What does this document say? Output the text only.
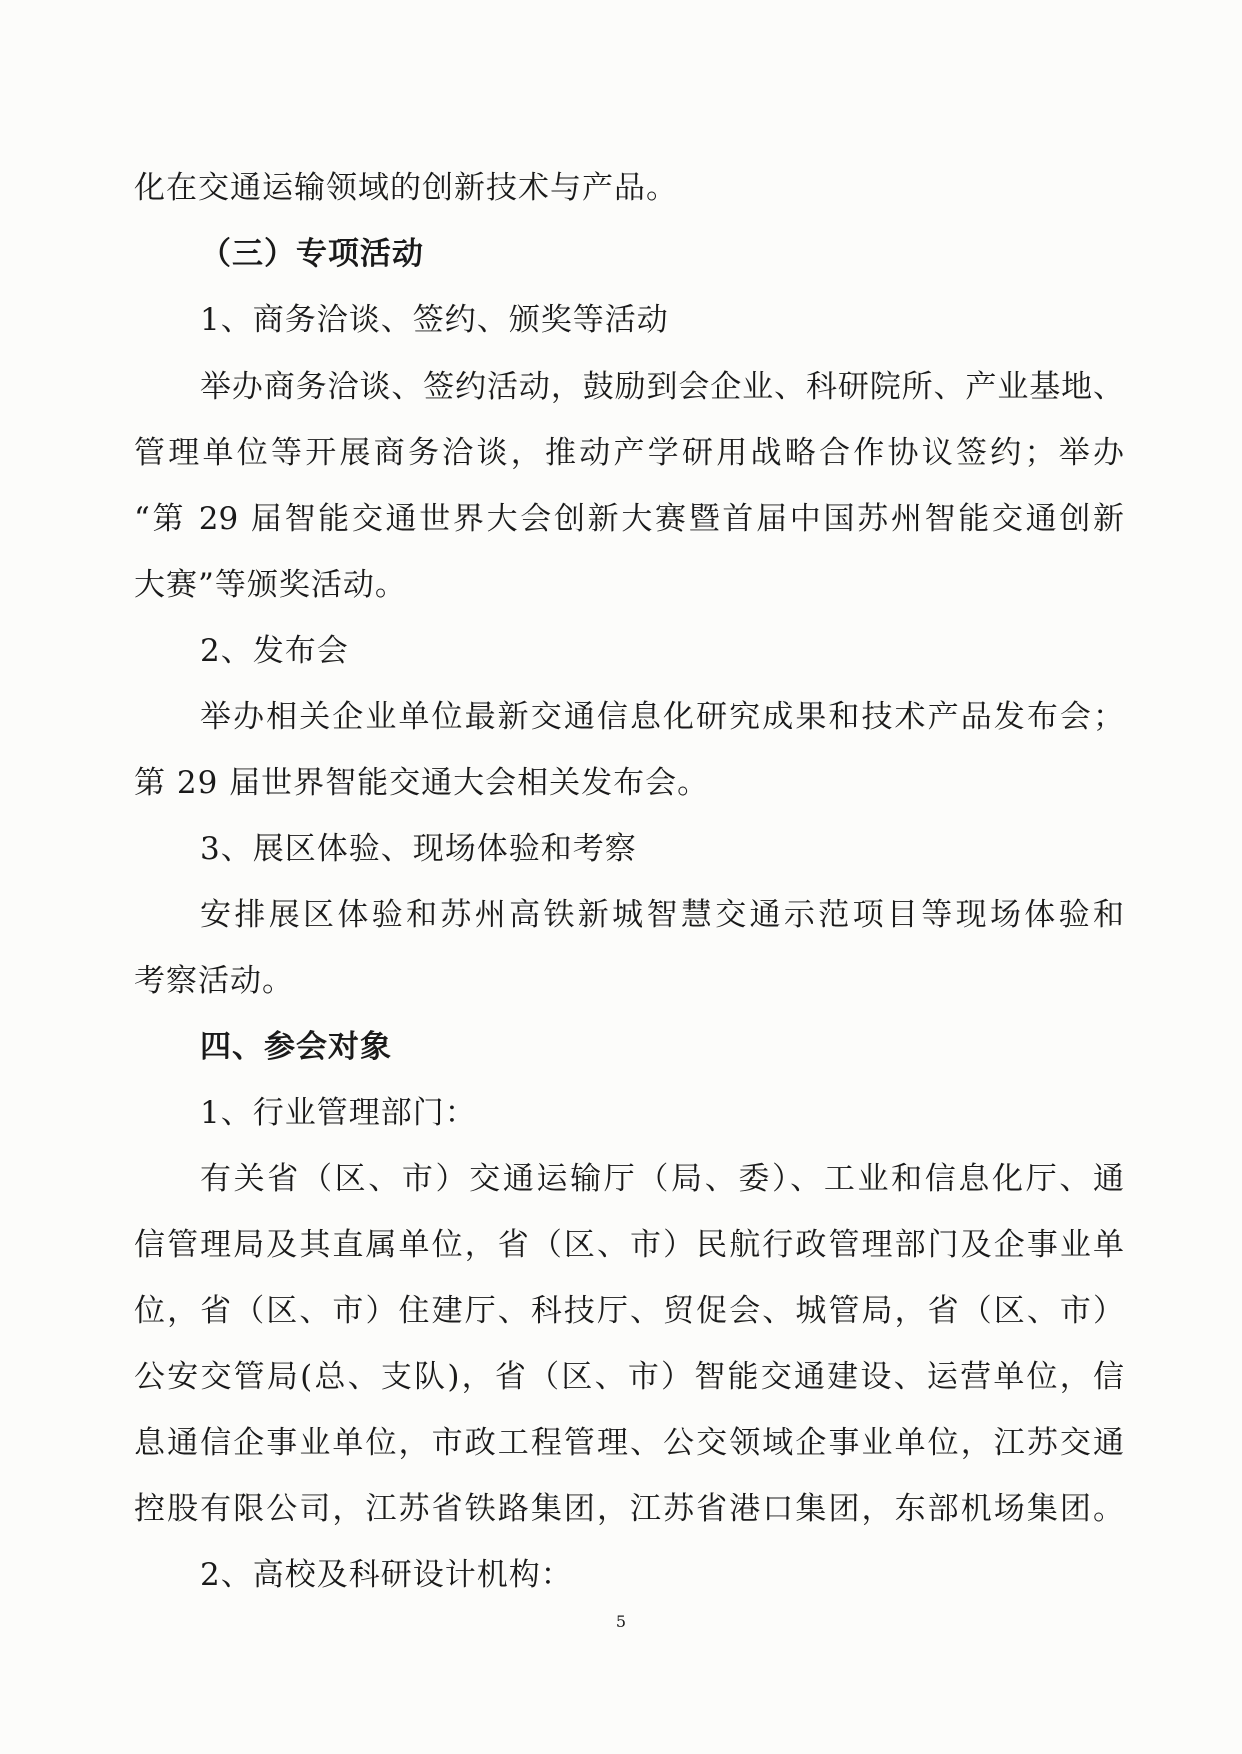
化在交通运输领域的创新技术与产品。
（三）专项活动
1、商务洽谈、签约、颁奖等活动
举办商务洽谈、签约活动，鼓励到会企业、科研院所、产业基地、
管理单位等开展商务洽谈，推动产学研用战略合作协议签约；举办
“第 29 届智能交通世界大会创新大赛暨首届中国苏州智能交通创新
大赛”等颁奖活动。
2、发布会
举办相关企业单位最新交通信息化研究成果和技术产品发布会；
第 29 届世界智能交通大会相关发布会。
3、展区体验、现场体验和考察
安排展区体验和苏州高铁新城智慧交通示范项目等现场体验和
考察活动。
四、参会对象
1、行业管理部门：
有关省（区、市）交通运输厅（局、委）、工业和信息化厅、通
信管理局及其直属单位，省（区、市）民航行政管理部门及企事业单
位，省（区、市）住建厅、科技厅、贸促会、城管局，省（区、市）
公安交管局(总、支队)，省（区、市）智能交通建设、运营单位，信
息通信企事业单位，市政工程管理、公交领域企事业单位，江苏交通
控股有限公司，江苏省铁路集团，江苏省港口集团，东部机场集团。
2、高校及科研设计机构：
5
